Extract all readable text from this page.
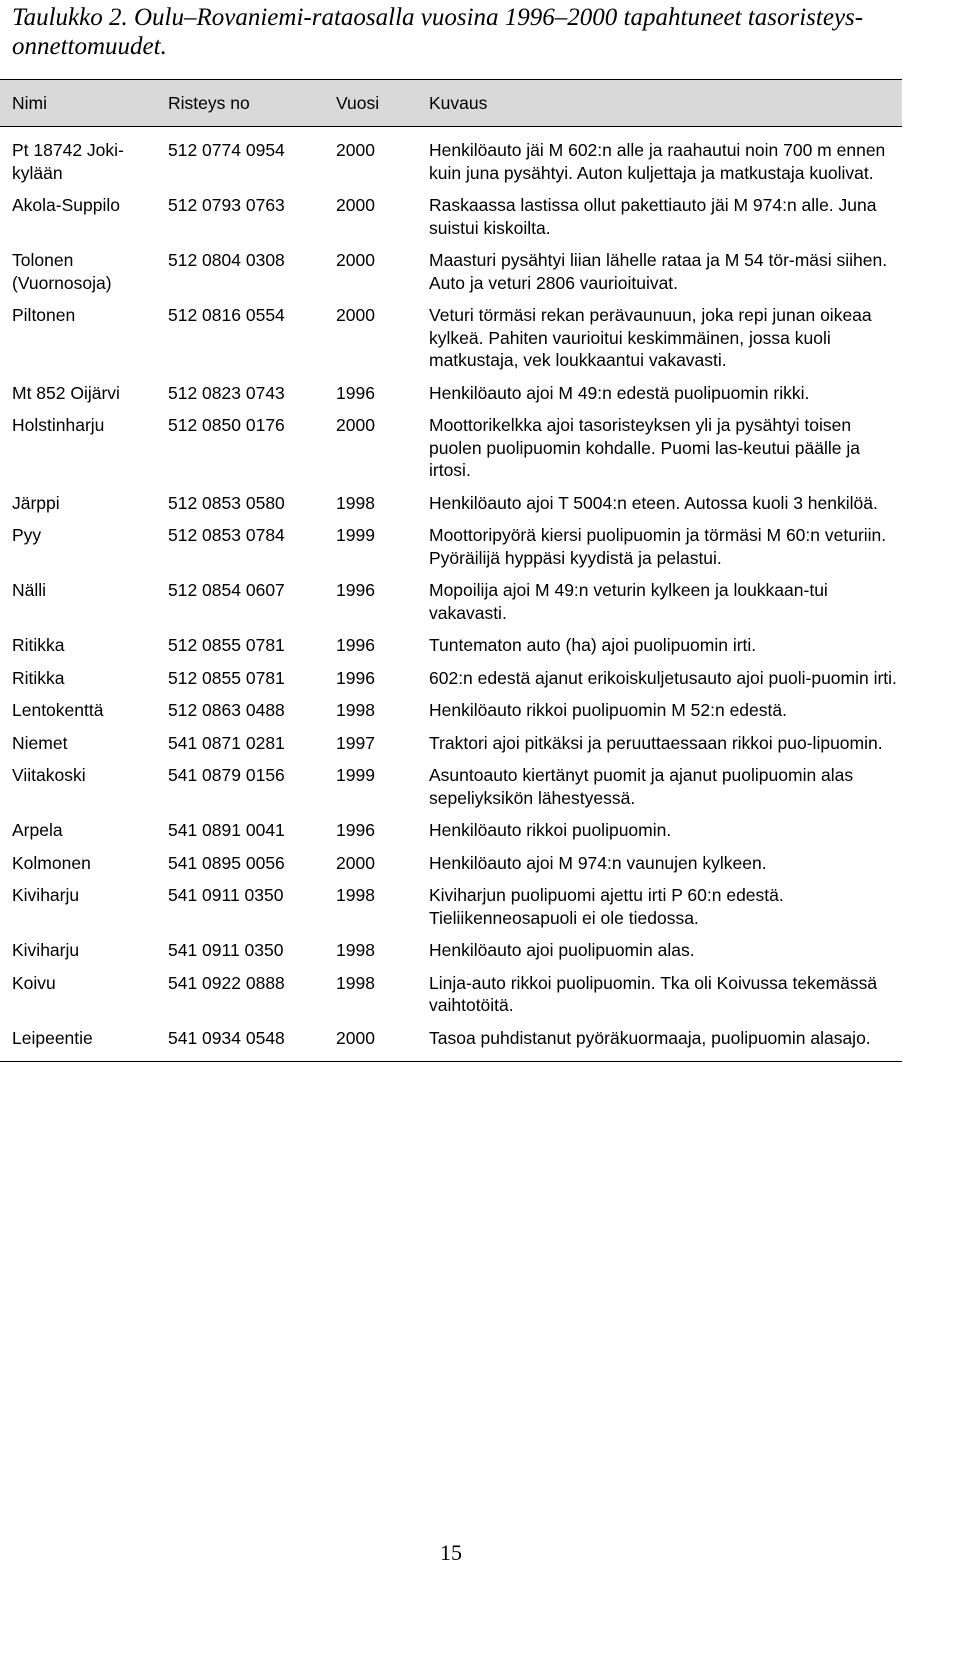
Taulukko 2. Oulu–Rovaniemi-rataosalla vuosina 1996–2000 tapahtuneet tasoristeys-onnettomuudet.
Nimi	Risteys no	Vuosi	Kuvaus
Pt 18742 Joki-kylään	512 0774 0954	2000	Henkilöauto jäi M 602:n alle ja raahautui noin 700 m ennen kuin juna pysähtyi. Auton kuljettaja ja matkustaja kuolivat.
Akola-Suppilo	512 0793 0763	2000	Raskaassa lastissa ollut pakettiauto jäi M 974:n alle. Juna suistui kiskoilta.
Tolonen (Vuornosoja)	512 0804 0308	2000	Maasturi pysähtyi liian lähelle rataa ja M 54 tör-mäsi siihen. Auto ja veturi 2806 vaurioituivat.
Piltonen	512 0816 0554	2000	Veturi törmäsi rekan perävaunuun, joka repi junan oikeaa kylkeä. Pahiten vaurioitui keskimmäinen, jossa kuoli matkustaja, vek loukkaantui vakavasti.
Mt 852 Oijärvi	512 0823 0743	1996	Henkilöauto ajoi M 49:n edestä puolipuomin rikki.
Holstinharju	512 0850 0176	2000	Moottorikelkka ajoi tasoristeyksen yli ja pysähtyi toisen puolen puolipuomin kohdalle. Puomi las-keutui päälle ja irtosi.
Järppi	512 0853 0580	1998	Henkilöauto ajoi T 5004:n eteen. Autossa kuoli 3 henkilöä.
Pyy	512 0853 0784	1999	Moottoripyörä kiersi puolipuomin ja törmäsi M 60:n veturiin. Pyöräilijä hyppäsi kyydistä ja pelastui.
Nälli	512 0854 0607	1996	Mopoilija ajoi M 49:n veturin kylkeen ja loukkaan-tui vakavasti.
Ritikka	512 0855 0781	1996	Tuntematon auto (ha) ajoi puolipuomin irti.
Ritikka	512 0855 0781	1996	602:n edestä ajanut erikoiskuljetusauto ajoi puoli-puomin irti.
Lentokenttä	512 0863 0488	1998	Henkilöauto rikkoi puolipuomin M 52:n edestä.
Niemet	541 0871 0281	1997	Traktori ajoi pitkäksi ja peruuttaessaan rikkoi puo-lipuomin.
Viitakoski	541 0879 0156	1999	Asuntoauto kiertänyt puomit ja ajanut puolipuomin alas sepeliyksikön lähestyessä.
Arpela	541 0891 0041	1996	Henkilöauto rikkoi puolipuomin.
Kolmonen	541 0895 0056	2000	Henkilöauto ajoi M 974:n vaunujen kylkeen.
Kiviharju	541 0911 0350	1998	Kiviharjun puolipuomi ajettu irti P 60:n edestä. Tieliikenneosapuoli ei ole tiedossa.
Kiviharju	541 0911 0350	1998	Henkilöauto ajoi puolipuomin alas.
Koivu	541 0922 0888	1998	Linja-auto rikkoi puolipuomin. Tka oli Koivussa tekemässä vaihtotöitä.
Leipeentie	541 0934 0548	2000	Tasoa puhdistanut pyöräkuormaaja, puolipuomin alasajo.
15
